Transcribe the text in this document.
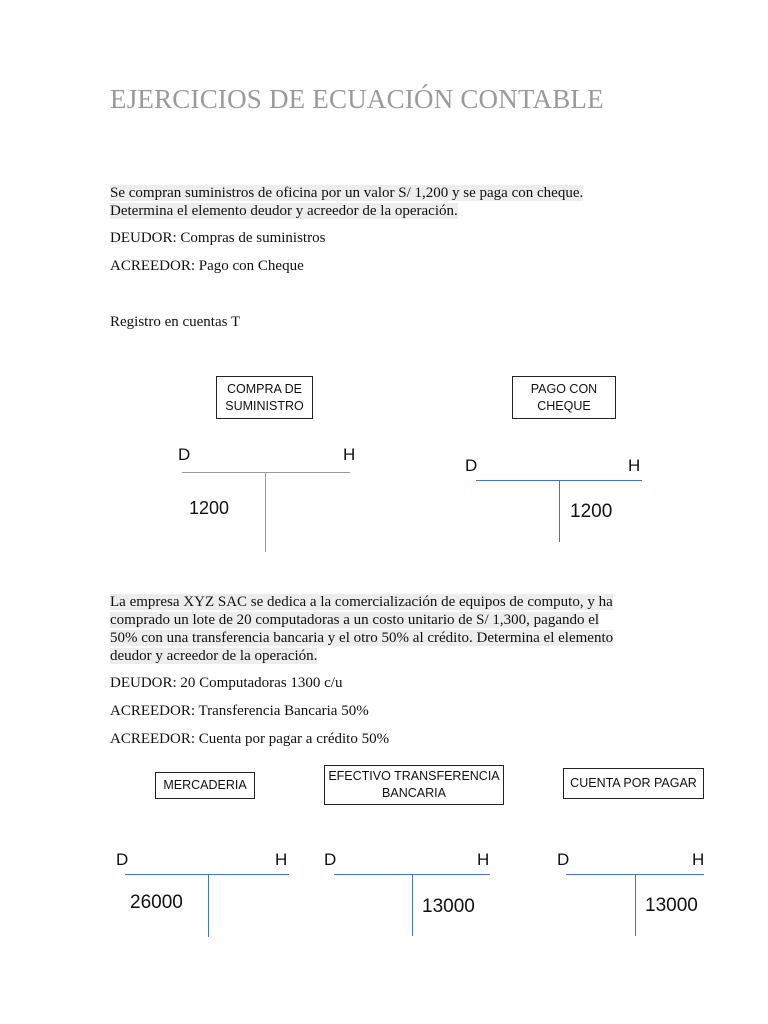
EJERCICIOS DE ECUACIÓN CONTABLE
Se compran suministros de oficina por un valor S/ 1,200 y se paga con cheque.
Determina el elemento deudor y acreedor de la operación.
DEUDOR: Compras de suministros
ACREEDOR: Pago con Cheque
Registro en cuentas T
COMPRA DE
SUMINISTRO
PAGO CON
CHEQUE
D	H
1200
D	H
1200
La empresa XYZ SAC se dedica a la comercialización de equipos de computo, y ha
comprado un lote de 20 computadoras a un costo unitario de S/ 1,300, pagando el
50% con una transferencia bancaria y el otro 50% al crédito. Determina el elemento
deudor y acreedor de la operación.
DEUDOR: 20 Computadoras 1300 c/u
ACREEDOR: Transferencia Bancaria 50%
ACREEDOR: Cuenta por pagar a crédito 50%
MERCADERIA
EFECTIVO TRANSFERENCIA
BANCARIA
CUENTA POR PAGAR
D	H
26000
D	H
13000
D	H
13000
